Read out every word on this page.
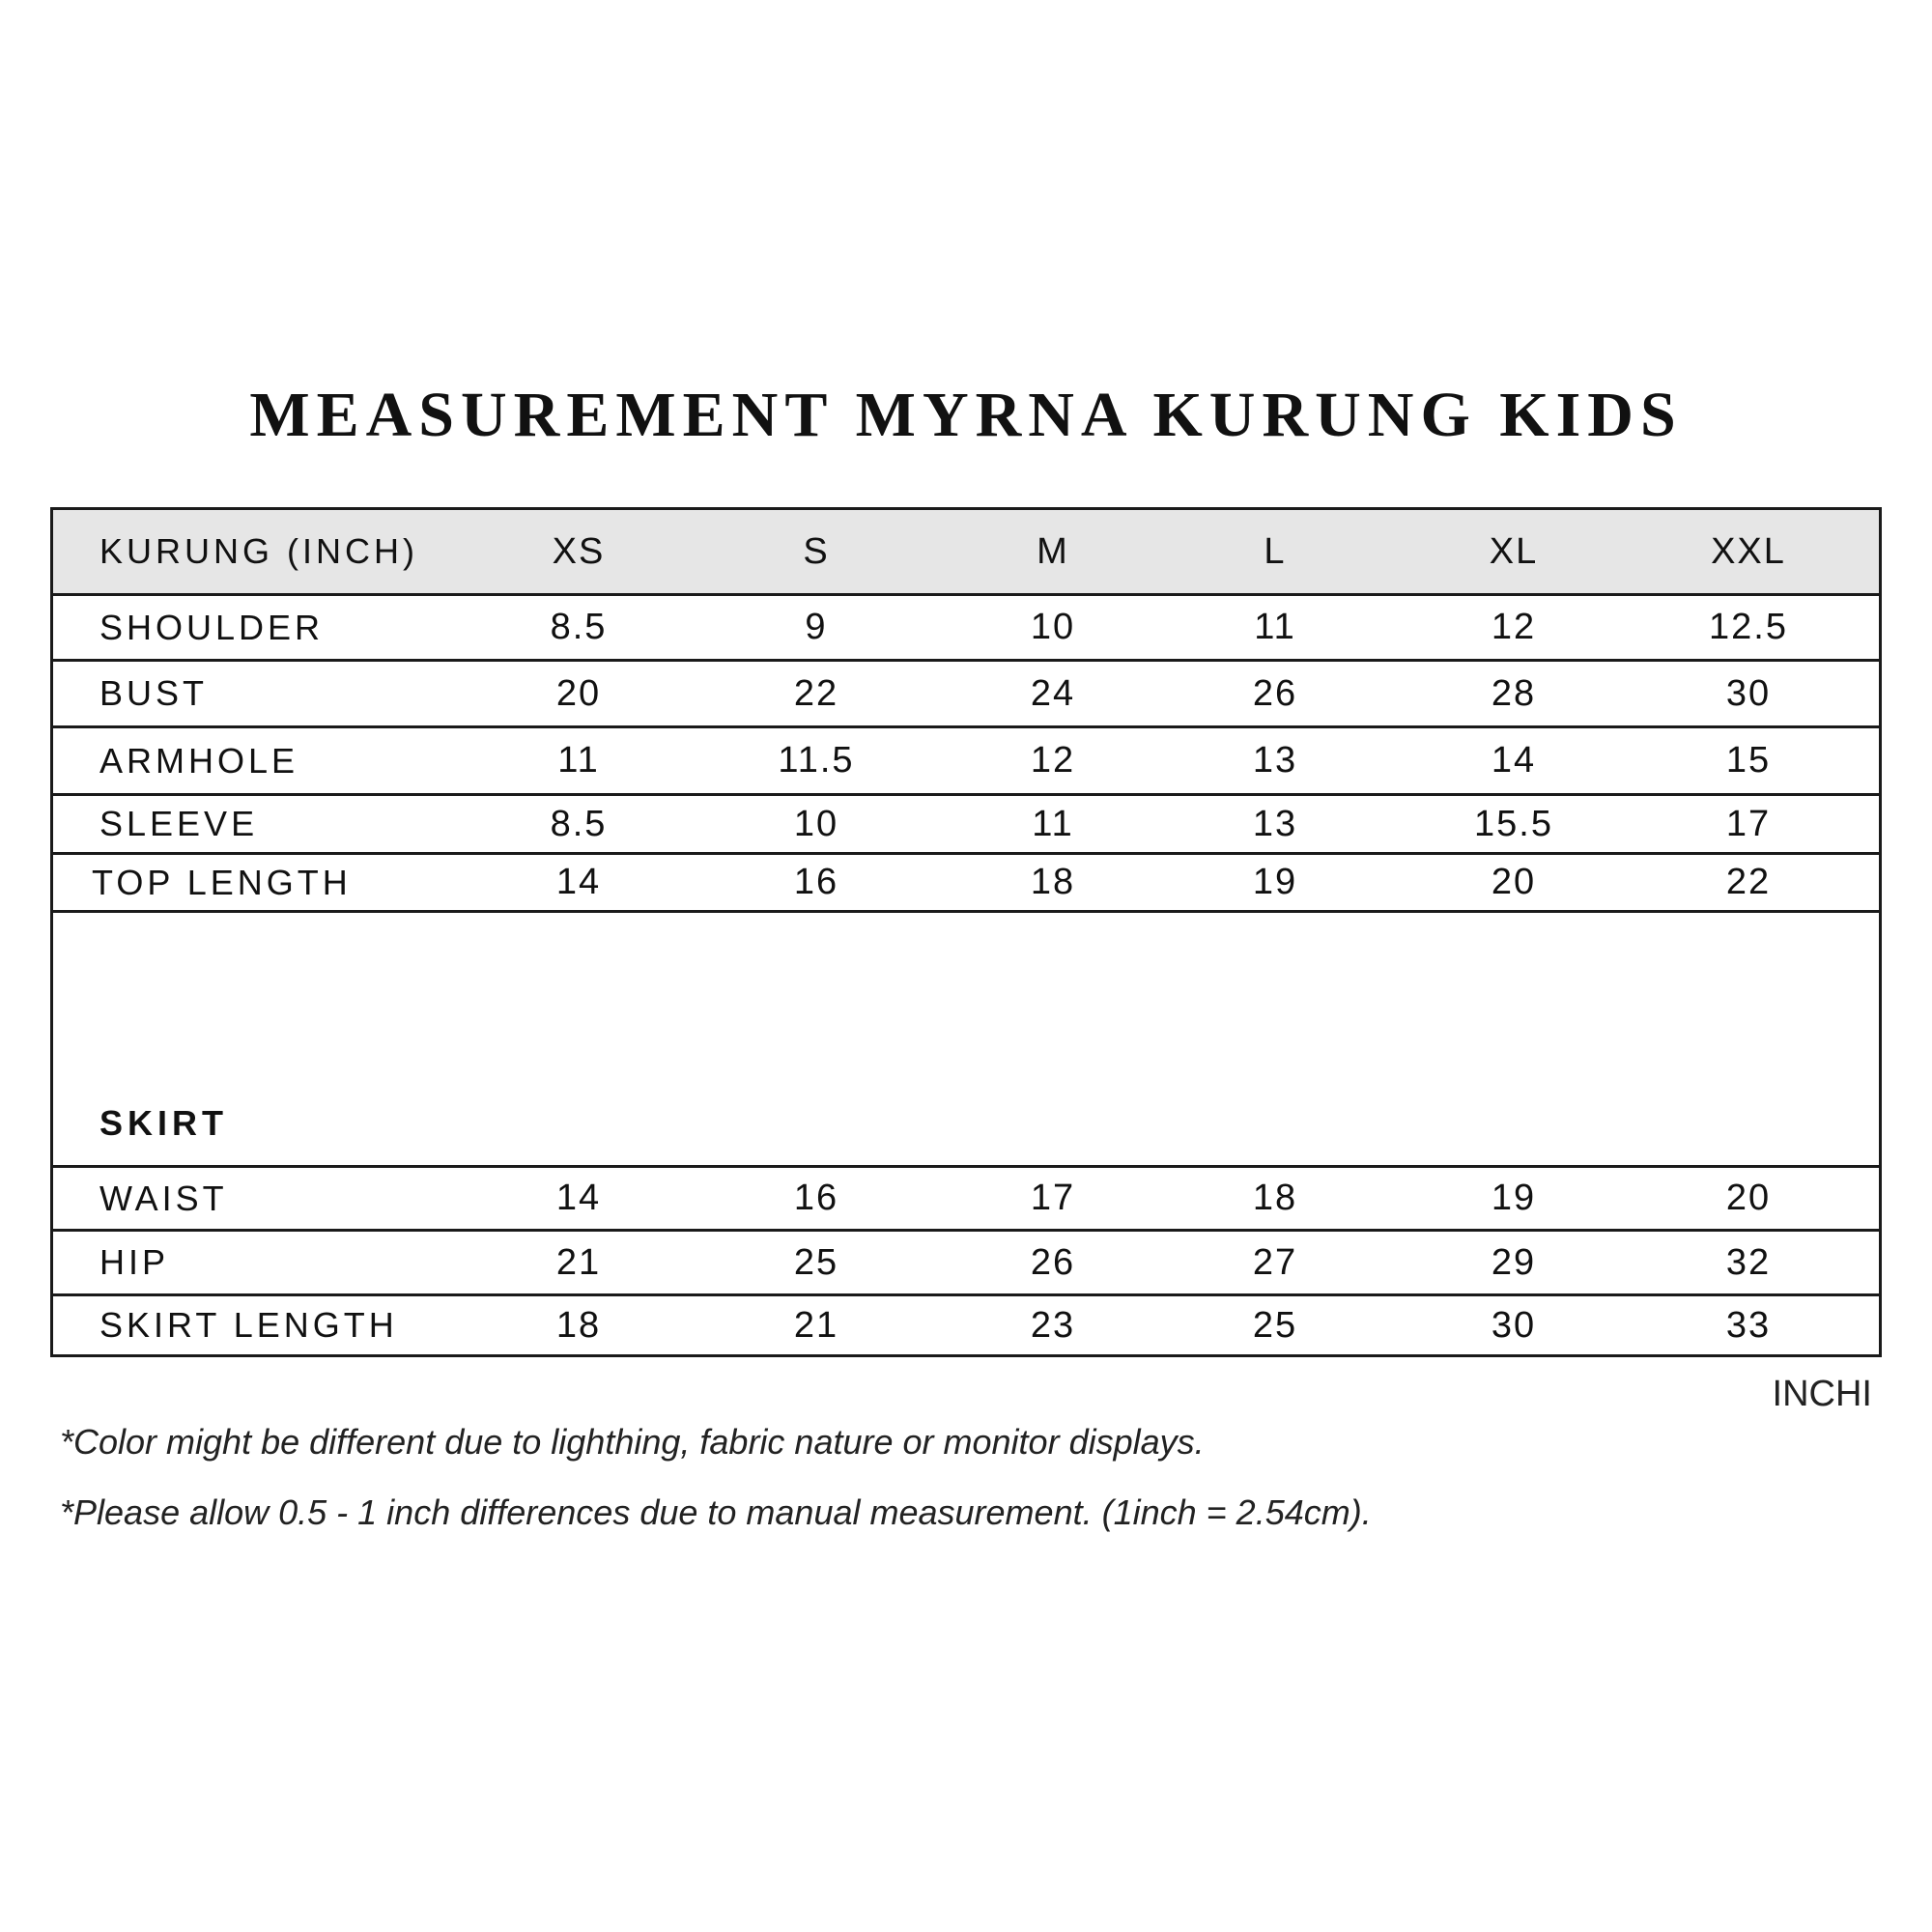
MEASUREMENT MYRNA KURUNG KIDS
KURUNG (INCH)	XS	S	M	L	XL	XXL
SHOULDER	8.5	9	10	11	12	12.5
BUST	20	22	24	26	28	30
ARMHOLE	11	11.5	12	13	14	15
SLEEVE	8.5	10	11	13	15.5	17
TOP LENGTH	14	16	18	19	20	22
SKIRT
WAIST	14	16	17	18	19	20
HIP	21	25	26	27	29	32
SKIRT LENGTH	18	21	23	25	30	33
INCHI
*Color might be different due to lighthing, fabric nature or monitor displays.
*Please allow 0.5 - 1 inch differences due to manual measurement. (1inch = 2.54cm).
